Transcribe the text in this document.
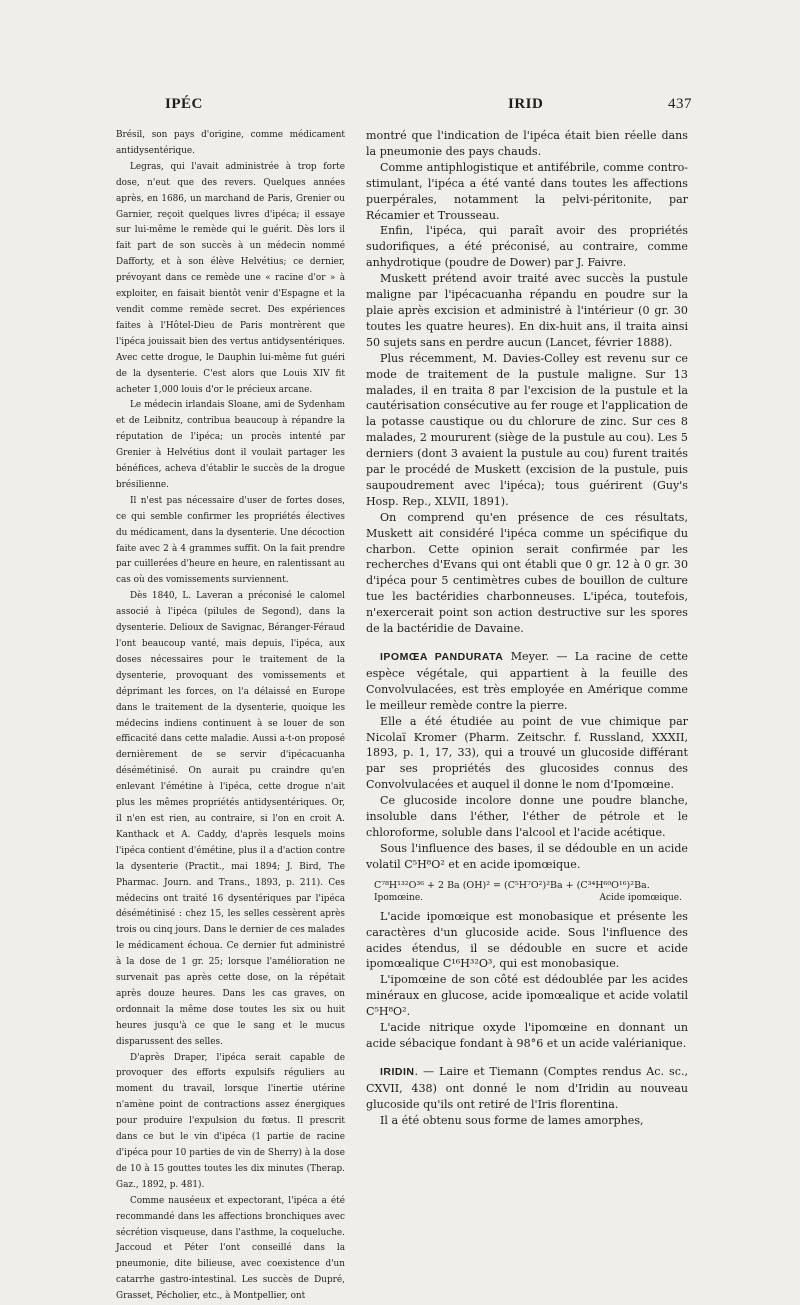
IPÉC	IRID	437

Brésil, son pays d'origine, comme médicament antidysentérique.

Legras, qui l'avait administrée à trop forte dose, n'eut que des revers. Quelques années après, en 1686, un marchand de Paris, Grenier ou Garnier, reçoit quelques livres d'ipéca; il essaye sur lui-même le remède qui le guérit. Dès lors il fait part de son succès à un médecin nommé Dafforty, et à son élève Helvétius; ce dernier, prévoyant dans ce remède une « racine d'or » à exploiter, en faisait bientôt venir d'Espagne et la vendit comme remède secret. Des expériences faites à l'Hôtel-Dieu de Paris montrèrent que l'ipéca jouissait bien des vertus antidysentériques. Avec cette drogue, le Dauphin lui-même fut guéri de la dysenterie. C'est alors que Louis XIV fit acheter 1,000 louis d'or le précieux arcane.

Le médecin irlandais Sloane, ami de Sydenham et de Leibnitz, contribua beaucoup à répandre la réputation de l'ipéca; un procès intenté par Grenier à Helvétius dont il voulait partager les bénéfices, acheva d'établir le succès de la drogue brésilienne.

Il n'est pas nécessaire d'user de fortes doses, ce qui semble confirmer les propriétés électives du médicament, dans la dysenterie. Une décoction faite avec 2 à 4 grammes suffit. On la fait prendre par cuillerées d'heure en heure, en ralentissant au cas où des vomissements surviennent.

Dès 1840, L. Laveran a préconisé le calomel associé à l'ipéca (pilules de Segond), dans la dysenterie. Delioux de Savignac, Béranger-Féraud l'ont beaucoup vanté, mais depuis, l'ipéca, aux doses nécessaires pour le traitement de la dysenterie, provoquant des vomissements et déprimant les forces, on l'a délaissé en Europe dans le traitement de la dysenterie, quoique les médecins indiens continuent à se louer de son efficacité dans cette maladie. Aussi a-t-on proposé dernièrement de se servir d'ipécacuanha désémétinisé. On aurait pu craindre qu'en enlevant l'émétine à l'ipéca, cette drogue n'ait plus les mêmes propriétés antidysentériques. Or, il n'en est rien, au contraire, si l'on en croit A. Kanthack et A. Caddy, d'après lesquels moins l'ipéca contient d'émétine, plus il a d'action contre la dysenterie (Practit., mai 1894; J. Bird, The Pharmac. Journ. and Trans., 1893, p. 211). Ces médecins ont traité 16 dysentériques par l'ipéca désémétinisé : chez 15, les selles cessèrent après trois ou cinq jours. Dans le dernier de ces malades le médicament échoua. Ce dernier fut administré à la dose de 1 gr. 25; lorsque l'amélioration ne survenait pas après cette dose, on la répétait après douze heures. Dans les cas graves, on ordonnait la même dose toutes les six ou huit heures jusqu'à ce que le sang et le mucus disparussent des selles.

D'après Draper, l'ipéca serait capable de provoquer des efforts expulsifs réguliers au moment du travail, lorsque l'inertie utérine n'amène point de contractions assez énergiques pour produire l'expulsion du fœtus. Il prescrit dans ce but le vin d'ipéca (1 partie de racine d'ipéca pour 10 parties de vin de Sherry) à la dose de 10 à 15 gouttes toutes les dix minutes (Therap. Gaz., 1892, p. 481).

Comme nauséeux et expectorant, l'ipéca a été recommandé dans les affections bronchiques avec sécrétion visqueuse, dans l'asthme, la coqueluche. Jaccoud et Péter l'ont conseillé dans la pneumonie, dite bilieuse, avec coexistence d'un catarrhe gastro-intestinal. Les succès de Dupré, Grasset, Pécholier, etc., à Montpellier, ont

montré que l'indication de l'ipéca était bien réelle dans la pneumonie des pays chauds.

Comme antiphlogistique et antifébrile, comme contro-stimulant, l'ipéca a été vanté dans toutes les affections puerpérales, notamment la pelvi-péritonite, par Récamier et Trousseau.

Enfin, l'ipéca, qui paraît avoir des propriétés sudorifiques, a été préconisé, au contraire, comme anhydrotique (poudre de Dower) par J. Faivre.

Muskett prétend avoir traité avec succès la pustule maligne par l'ipécacuanha répandu en poudre sur la plaie après excision et administré à l'intérieur (0 gr. 30 toutes les quatre heures). En dix-huit ans, il traita ainsi 50 sujets sans en perdre aucun (Lancet, février 1888).

Plus récemment, M. Davies-Colley est revenu sur ce mode de traitement de la pustule maligne. Sur 13 malades, il en traita 8 par l'excision de la pustule et la cautérisation consécutive au fer rouge et l'application de la potasse caustique ou du chlorure de zinc. Sur ces 8 malades, 2 moururent (siège de la pustule au cou). Les 5 derniers (dont 3 avaient la pustule au cou) furent traités par le procédé de Muskett (excision de la pustule, puis saupoudrement avec l'ipéca); tous guérirent (Guy's Hosp. Rep., XLVII, 1891).

On comprend qu'en présence de ces résultats, Muskett ait considéré l'ipéca comme un spécifique du charbon. Cette opinion serait confirmée par les recherches d'Evans qui ont établi que 0 gr. 12 à 0 gr. 30 d'ipéca pour 5 centimètres cubes de bouillon de culture tue les bactéridies charbonneuses. L'ipéca, toutefois, n'exercerait point son action destructive sur les spores de la bactéridie de Davaine.

IPOMŒA PANDURATA Meyer. — La racine de cette espèce végétale, qui appartient à la feuille des Convolvulacées, est très employée en Amérique comme le meilleur remède contre la pierre.

Elle a été étudiée au point de vue chimique par Nicolaï Kromer (Pharm. Zeitschr. f. Russland, XXXII, 1893, p. 1, 17, 33), qui a trouvé un glucoside différant par ses propriétés des glucosides connus des Convolvulacées et auquel il donne le nom d'Ipomœine.

Ce glucoside incolore donne une poudre blanche, insoluble dans l'éther, l'éther de pétrole et le chloroforme, soluble dans l'alcool et l'acide acétique.

Sous l'influence des bases, il se dédouble en un acide volatil C⁵H⁸O² et en acide ipomœique.

C⁷⁸H¹³²O³⁶ + 2 Ba (OH)² = (C⁵H⁷O²)²Ba + (C³⁴H⁶⁰O¹⁶)²Ba.
Ipomœine.	Acide ipomœique.

L'acide ipomœique est monobasique et présente les caractères d'un glucoside acide. Sous l'influence des acides étendus, il se dédouble en sucre et acide ipomœalique C¹⁶H³²O³, qui est monobasique.

L'ipomœine de son côté est dédoublée par les acides minéraux en glucose, acide ipomœalique et acide volatil C⁵H⁸O².

L'acide nitrique oxyde l'ipomœine en donnant un acide sébacique fondant à 98°6 et un acide valérianique.

IRIDIN. — Laire et Tiemann (Comptes rendus Ac. sc., CXVII, 438) ont donné le nom d'Iridin au nouveau glucoside qu'ils ont retiré de l'Iris florentina.

Il a été obtenu sous forme de lames amorphes,
